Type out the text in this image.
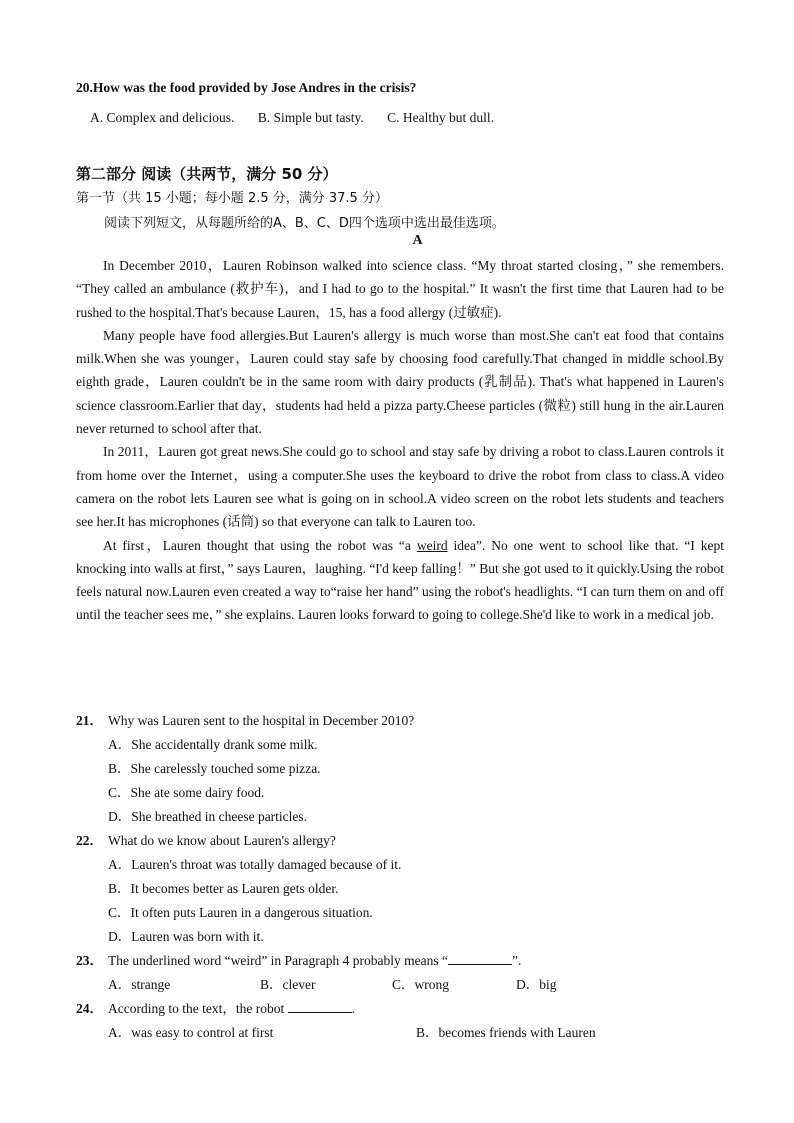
20.How was the food provided by Jose Andres in the crisis?
A. Complex and delicious. B. Simple but tasty. C. Healthy but dull.
第二部分 阅读（共两节，满分 50 分）
第一节（共 15 小题；每小题 2.5 分，满分 37.5 分）
阅读下列短文，从每题所给的A、B、C、D四个选项中选出最佳选项。
A

In December 2010，Lauren Robinson walked into science class. “My throat started closing，” she remembers. “They called an ambulance (救护车)，and I had to go to the hospital.” It wasn't the first time that Lauren had to be rushed to the hospital.That's because Lauren，15, has a food allergy (过敏症).

Many people have food allergies.But Lauren's allergy is much worse than most.She can't eat food that contains milk.When she was younger，Lauren could stay safe by choosing food carefully.That changed in middle school.By eighth grade，Lauren couldn't be in the same room with dairy products (乳制品). That's what happened in Lauren's science classroom.Earlier that day，students had held a pizza party.Cheese particles (微粒) still hung in the air.Lauren never returned to school after that.

In 2011，Lauren got great news.She could go to school and stay safe by driving a robot to class.Lauren controls it from home over the Internet，using a computer.She uses the keyboard to drive the robot from class to class.A video camera on the robot lets Lauren see what is going on in school.A video screen on the robot lets students and teachers see her.It has microphones (话筒) so that everyone can talk to Lauren too.

At first，Lauren thought that using the robot was “a weird idea”. No one went to school like that. “I kept knocking into walls at first，” says Lauren，laughing. “I'd keep falling！” But she got used to it quickly.Using the robot feels natural now.Lauren even created a way to“raise her hand” using the robot's headlights. “I can turn them on and off until the teacher sees me，” she explains. Lauren looks forward to going to college.She'd like to work in a medical job.

21． Why was Lauren sent to the hospital in December 2010?
A．She accidentally drank some milk.
B．She carelessly touched some pizza.
C．She ate some dairy food.
D．She breathed in cheese particles.
22． What do we know about Lauren's allergy?
A．Lauren's throat was totally damaged because of it.
B．It becomes better as Lauren gets older.
C．It often puts Lauren in a dangerous situation.
D．Lauren was born with it.
23． The underlined word “weird” in Paragraph 4 probably means “	”.
A．strange	B．clever	C．wrong	D．big
24． According to the text，the robot	.
A．was easy to control at first	B．becomes friends with Lauren
